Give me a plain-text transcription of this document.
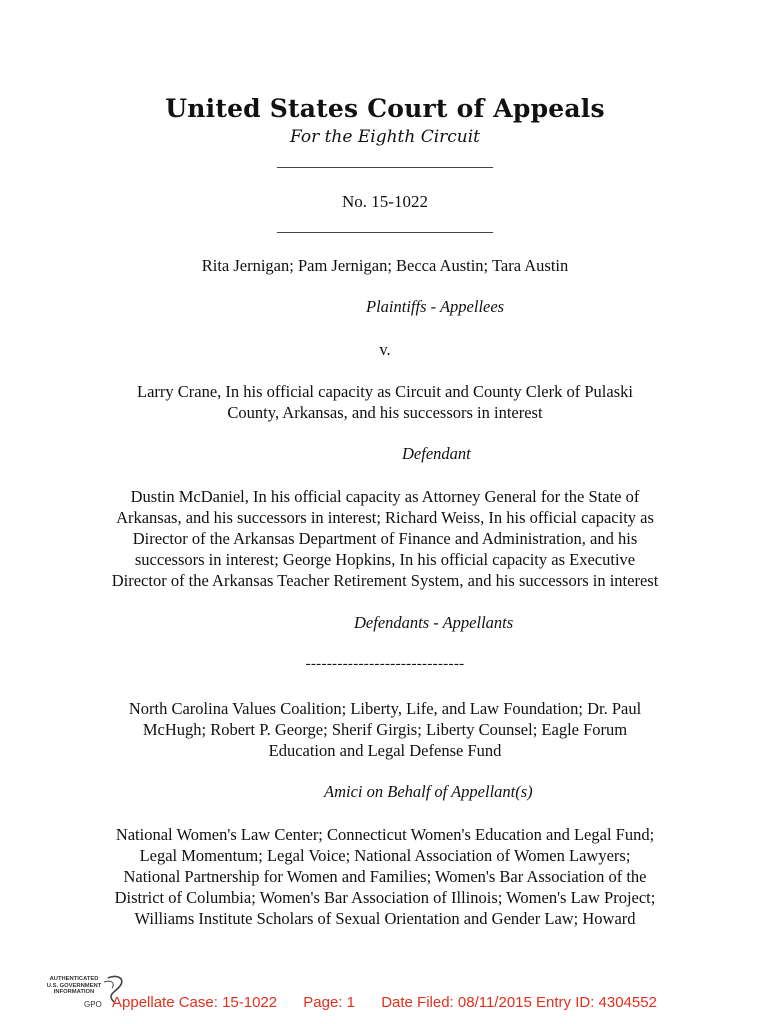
United States Court of Appeals
For the Eighth Circuit
___________________________
No. 15-1022
___________________________
Rita Jernigan; Pam Jernigan; Becca Austin; Tara Austin
Plaintiffs - Appellees
v.
Larry Crane, In his official capacity as Circuit and County Clerk of Pulaski
County, Arkansas, and his successors in interest
Defendant
Dustin McDaniel, In his official capacity as Attorney General for the State of
Arkansas, and his successors in interest; Richard Weiss, In his official capacity as
Director of the Arkansas Department of Finance and Administration, and his
successors in interest; George Hopkins, In his official capacity as Executive
Director of the Arkansas Teacher Retirement System, and his successors in interest
Defendants - Appellants
------------------------------
North Carolina Values Coalition; Liberty, Life, and Law Foundation; Dr. Paul
McHugh; Robert P. George; Sherif Girgis; Liberty Counsel; Eagle Forum
Education and Legal Defense Fund
Amici on Behalf of Appellant(s)
National Women's Law Center; Connecticut Women's Education and Legal Fund;
Legal Momentum; Legal Voice; National Association of Women Lawyers;
National Partnership for Women and Families; Women's Bar Association of the
District of Columbia; Women's Bar Association of Illinois; Women's Law Project;
Williams Institute Scholars of Sexual Orientation and Gender Law; Howard
AUTHENTICATED
U.S. GOVERNMENT
INFORMATION
GPO Appellate Case: 15-1022 Page: 1 Date Filed: 08/11/2015 Entry ID: 4304552
